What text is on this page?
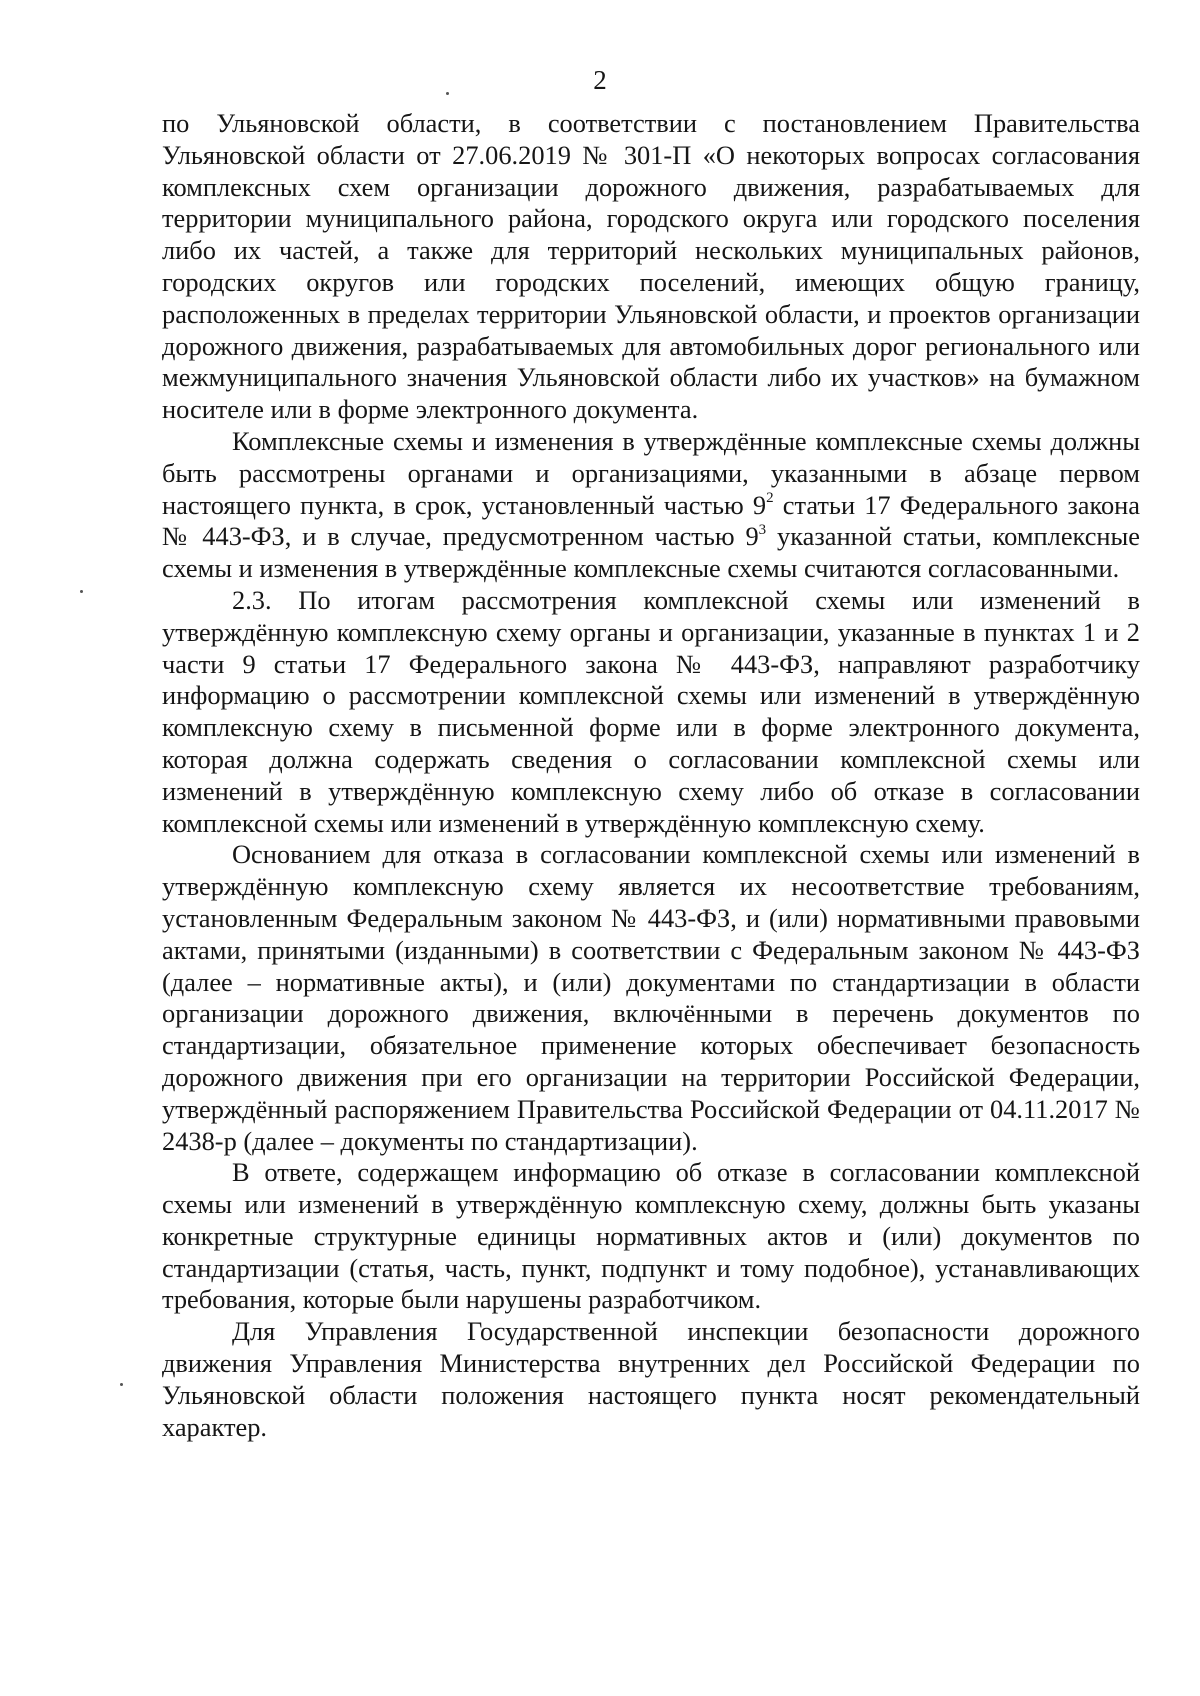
2

по Ульяновской области, в соответствии с постановлением Правительства Ульяновской области от 27.06.2019 № 301-П «О некоторых вопросах согласования комплексных схем организации дорожного движения, разрабатываемых для территории муниципального района, городского округа или городского поселения либо их частей, а также для территорий нескольких муниципальных районов, городских округов или городских поселений, имеющих общую границу, расположенных в пределах территории Ульяновской области, и проектов организации дорожного движения, разрабатываемых для автомобильных дорог регионального или межмуниципального значения Ульяновской области либо их участков» на бумажном носителе или в форме электронного документа.

Комплексные схемы и изменения в утверждённые комплексные схемы должны быть рассмотрены органами и организациями, указанными в абзаце первом настоящего пункта, в срок, установленный частью $9^2$ статьи 17 Федерального закона № 443-ФЗ, и в случае, предусмотренном частью $9^3$ указанной статьи, комплексные схемы и изменения в утверждённые комплексные схемы считаются согласованными.

2.3. По итогам рассмотрения комплексной схемы или изменений в утверждённую комплексную схему органы и организации, указанные в пунктах 1 и 2 части 9 статьи 17 Федерального закона № 443-ФЗ, направляют разработчику информацию о рассмотрении комплексной схемы или изменений в утверждённую комплексную схему в письменной форме или в форме электронного документа, которая должна содержать сведения о согласовании комплексной схемы или изменений в утверждённую комплексную схему либо об отказе в согласовании комплексной схемы или изменений в утверждённую комплексную схему.

Основанием для отказа в согласовании комплексной схемы или изменений в утверждённую комплексную схему является их несоответствие требованиям, установленным Федеральным законом № 443-ФЗ, и (или) нормативными правовыми актами, принятыми (изданными) в соответствии с Федеральным законом № 443-ФЗ (далее – нормативные акты), и (или) документами по стандартизации в области организации дорожного движения, включёнными в перечень документов по стандартизации, обязательное применение которых обеспечивает безопасность дорожного движения при его организации на территории Российской Федерации, утверждённый распоряжением Правительства Российской Федерации от 04.11.2017 № 2438-р (далее – документы по стандартизации).

В ответе, содержащем информацию об отказе в согласовании комплексной схемы или изменений в утверждённую комплексную схему, должны быть указаны конкретные структурные единицы нормативных актов и (или) документов по стандартизации (статья, часть, пункт, подпункт и тому подобное), устанавливающих требования, которые были нарушены разработчиком.

Для Управления Государственной инспекции безопасности дорожного движения Управления Министерства внутренних дел Российской Федерации по Ульяновской области положения настоящего пункта носят рекомендательный характер.
